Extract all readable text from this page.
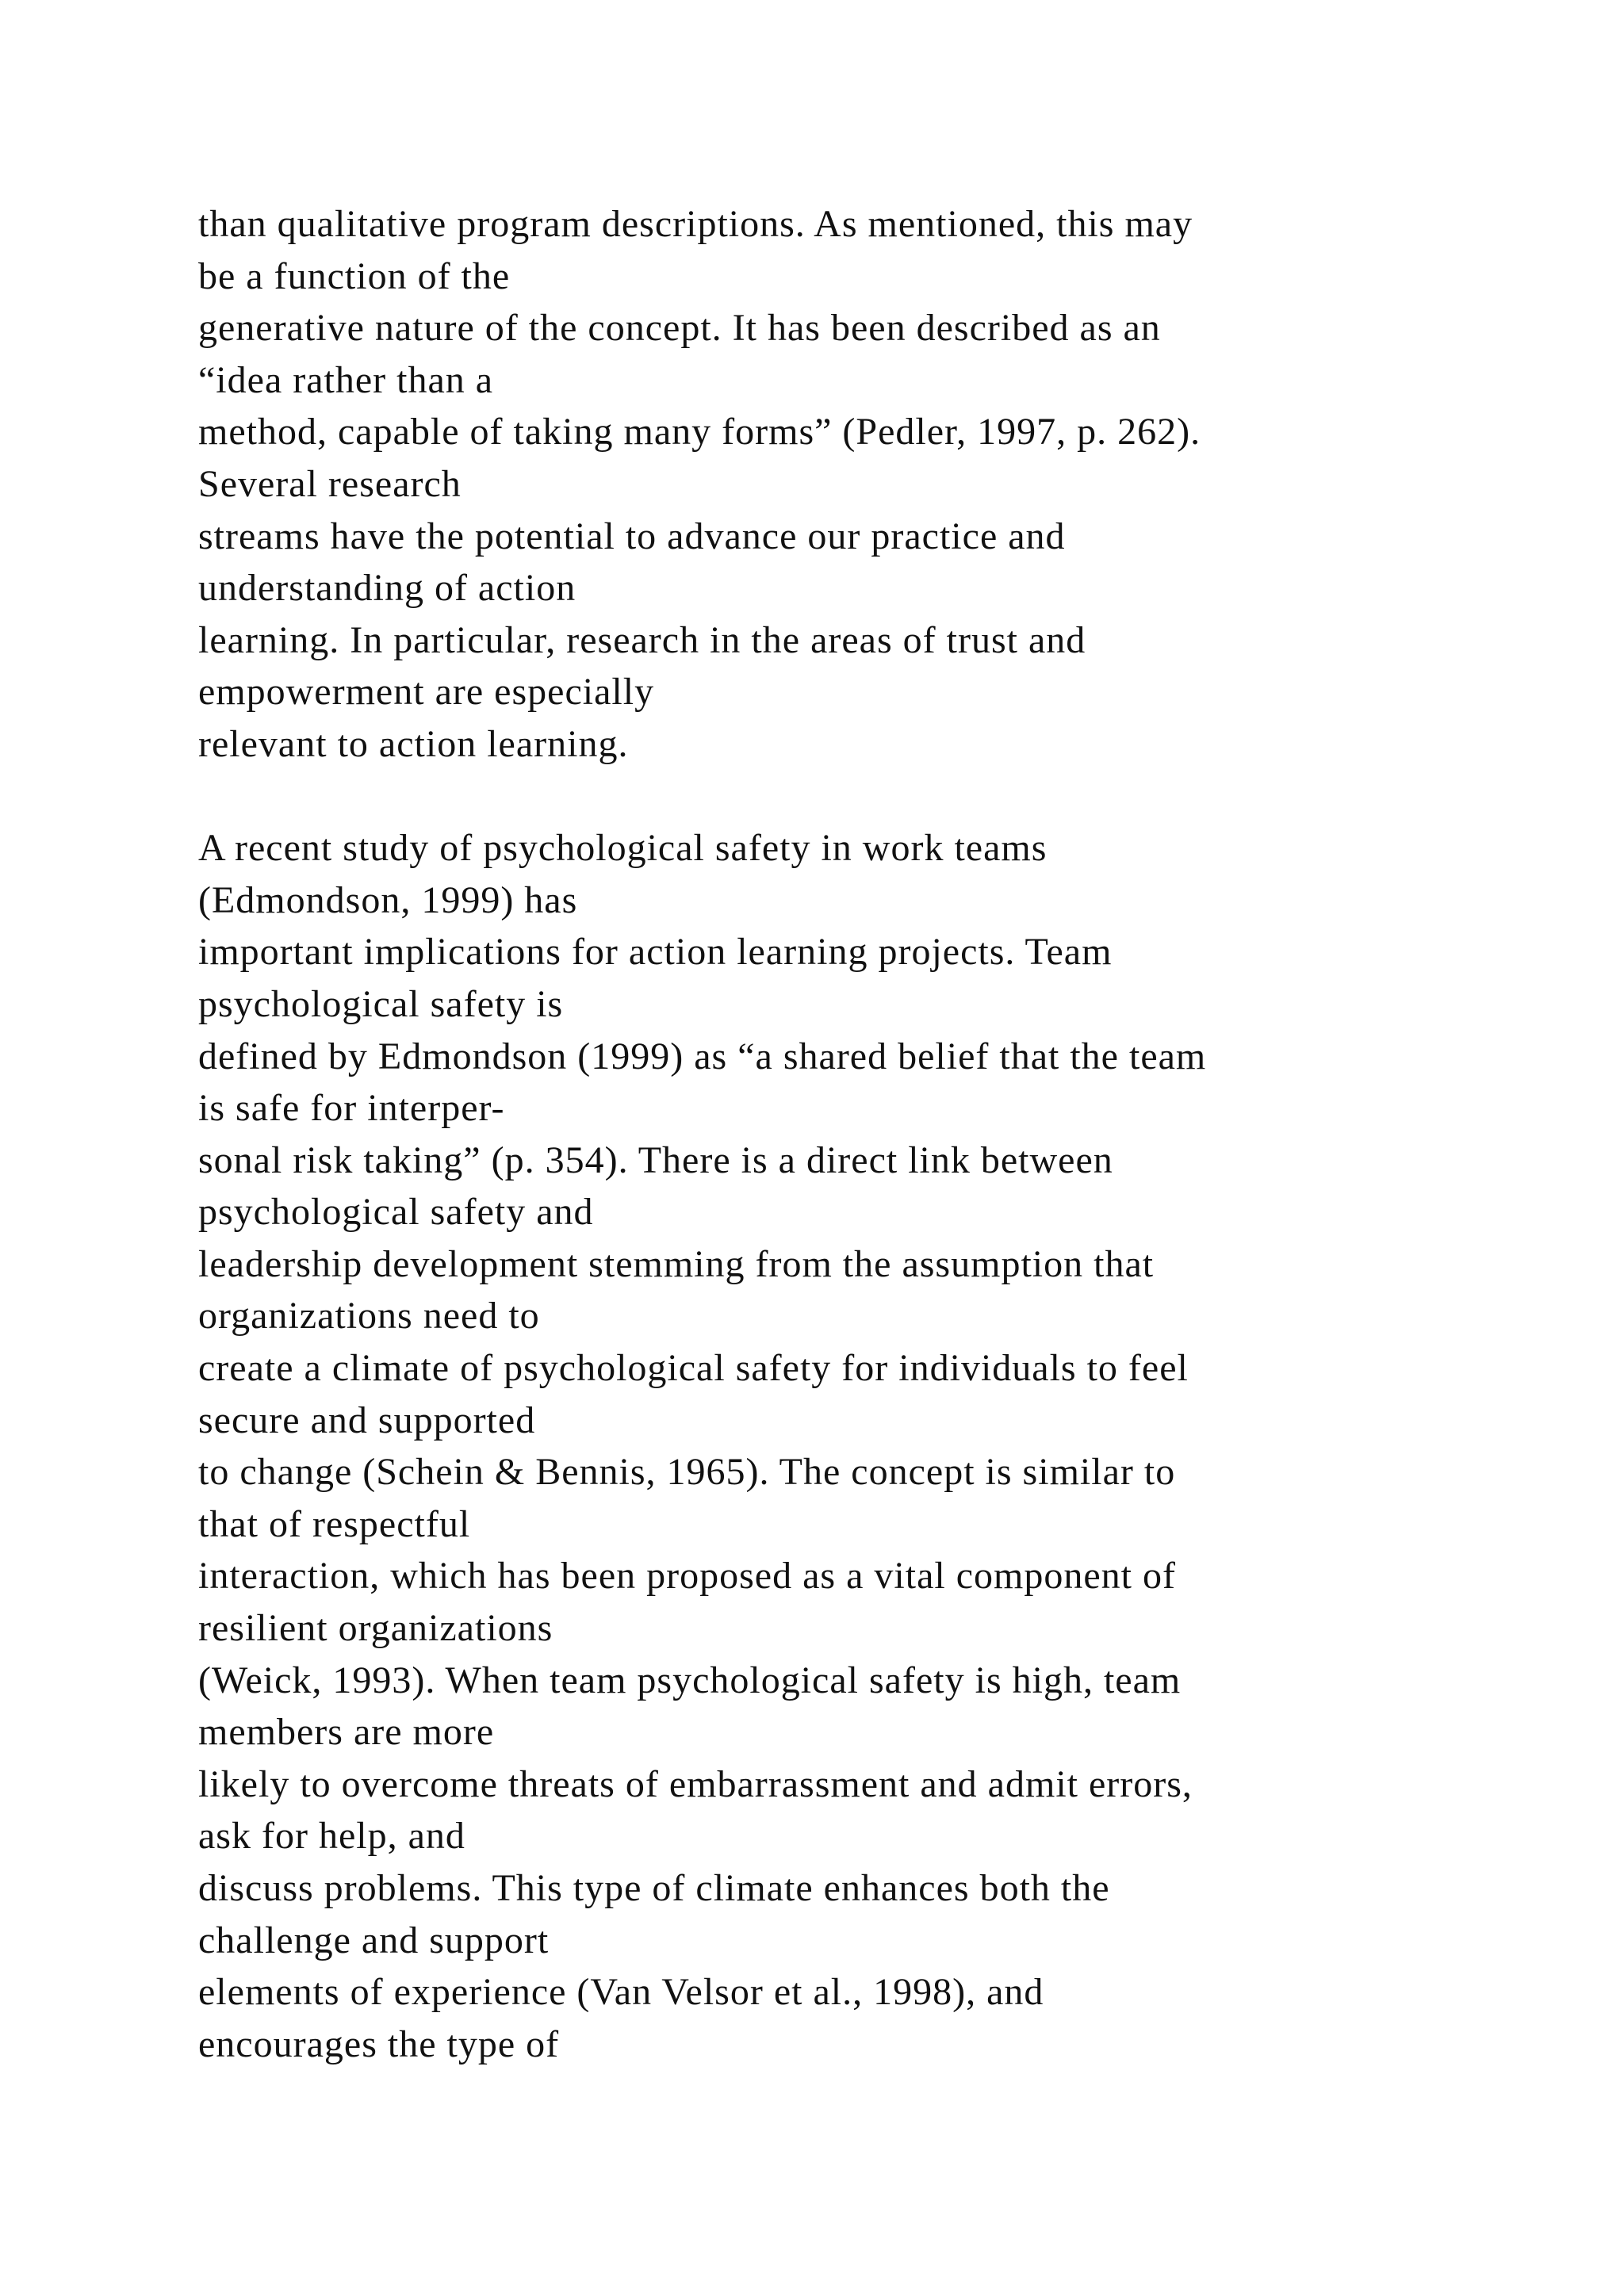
than qualitative program descriptions. As mentioned, this may
be a function of the
generative nature of the concept. It has been described as an
“idea rather than a
method, capable of taking many forms” (Pedler, 1997, p. 262).
Several research
streams have the potential to advance our practice and
understanding of action
learning. In particular, research in the areas of trust and
empowerment are especially
relevant to action learning.
A recent study of psychological safety in work teams
(Edmondson, 1999) has
important implications for action learning projects. Team
psychological safety is
defined by Edmondson (1999) as “a shared belief that the team
is safe for interper-
sonal risk taking” (p. 354). There is a direct link between
psychological safety and
leadership development stemming from the assumption that
organizations need to
create a climate of psychological safety for individuals to feel
secure and supported
to change (Schein & Bennis, 1965). The concept is similar to
that of respectful
interaction, which has been proposed as a vital component of
resilient organizations
(Weick, 1993). When team psychological safety is high, team
members are more
likely to overcome threats of embarrassment and admit errors,
ask for help, and
discuss problems. This type of climate enhances both the
challenge and support
elements of experience (Van Velsor et al., 1998), and
encourages the type of
